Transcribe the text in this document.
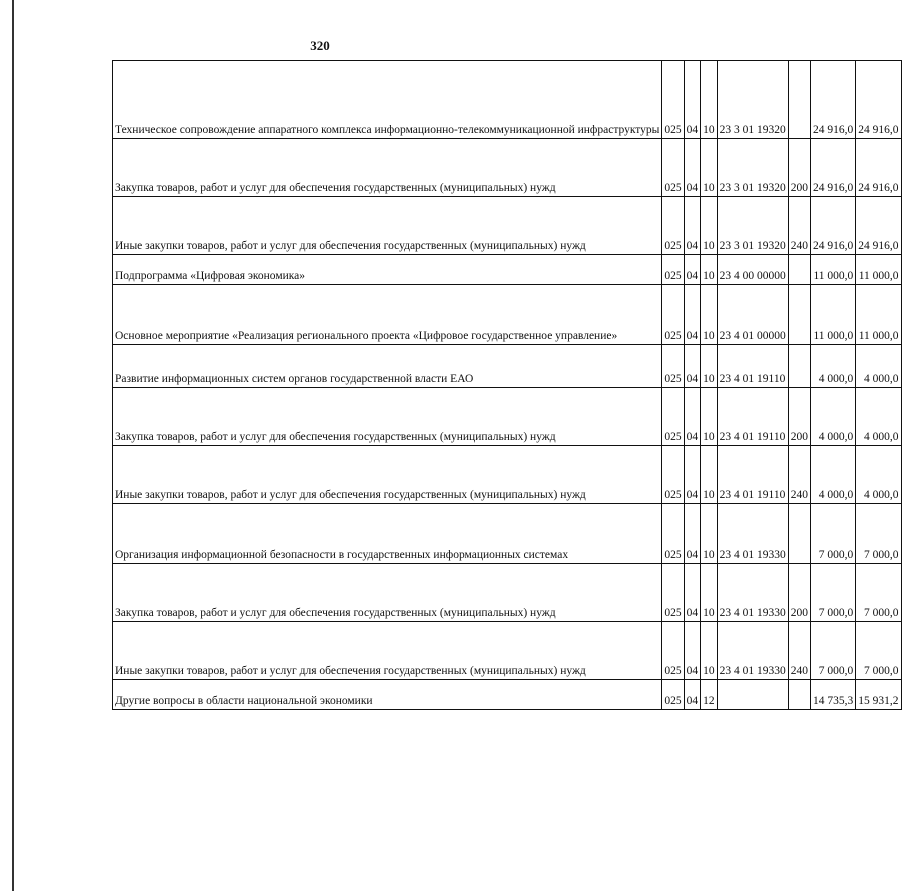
320
Техническое сопровождение аппаратного комплекса информационно-телекоммуникационной инфраструктуры	025	04	10	23 3 01 19320		24 916,0	24 916,0
Закупка товаров, работ и услуг для обеспечения государственных (муниципальных) нужд	025	04	10	23 3 01 19320	200	24 916,0	24 916,0
Иные закупки товаров, работ и услуг для обеспечения государственных (муниципальных) нужд	025	04	10	23 3 01 19320	240	24 916,0	24 916,0
Подпрограмма «Цифровая экономика»	025	04	10	23 4 00 00000		11 000,0	11 000,0
Основное мероприятие «Реализация регионального проекта «Цифровое государственное управление»	025	04	10	23 4 01 00000		11 000,0	11 000,0
Развитие информационных систем органов государственной власти ЕАО	025	04	10	23 4 01 19110		4 000,0	4 000,0
Закупка товаров, работ и услуг для обеспечения государственных (муниципальных) нужд	025	04	10	23 4 01 19110	200	4 000,0	4 000,0
Иные закупки товаров, работ и услуг для обеспечения государственных (муниципальных) нужд	025	04	10	23 4 01 19110	240	4 000,0	4 000,0
Организация информационной безопасности в государственных информационных системах	025	04	10	23 4 01 19330		7 000,0	7 000,0
Закупка товаров, работ и услуг для обеспечения государственных (муниципальных) нужд	025	04	10	23 4 01 19330	200	7 000,0	7 000,0
Иные закупки товаров, работ и услуг для обеспечения государственных (муниципальных) нужд	025	04	10	23 4 01 19330	240	7 000,0	7 000,0
Другие вопросы в области национальной экономики	025	04	12			14 735,3	15 931,2
